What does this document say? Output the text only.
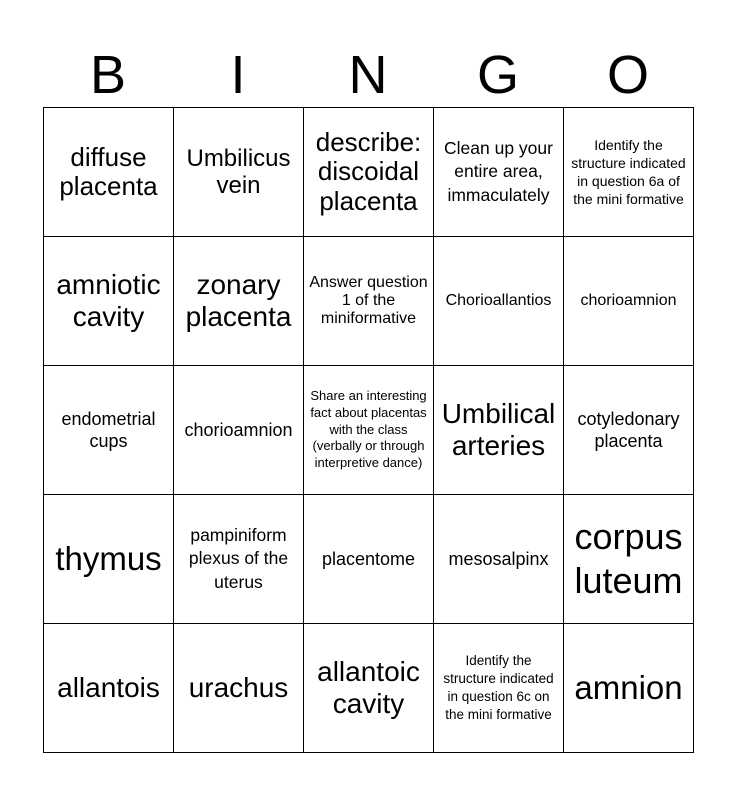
B	I	N	G	O
diffuse placenta	Umbilicus vein	describe: discoidal placenta	Clean up your entire area, immaculately	Identify the structure indicated in question 6a of the mini formative
amniotic cavity	zonary placenta	Answer question 1 of the miniformative	Chorioallantios	chorioamnion
endometrial cups	chorioamnion	Share an interesting fact about placentas with the class (verbally or through interpretive dance)	Umbilical arteries	cotyledonary placenta
thymus	pampiniform plexus of the uterus	placentome	mesosalpinx	corpus luteum
allantois	urachus	allantoic cavity	Identify the structure indicated in question 6c on the mini formative	amnion
